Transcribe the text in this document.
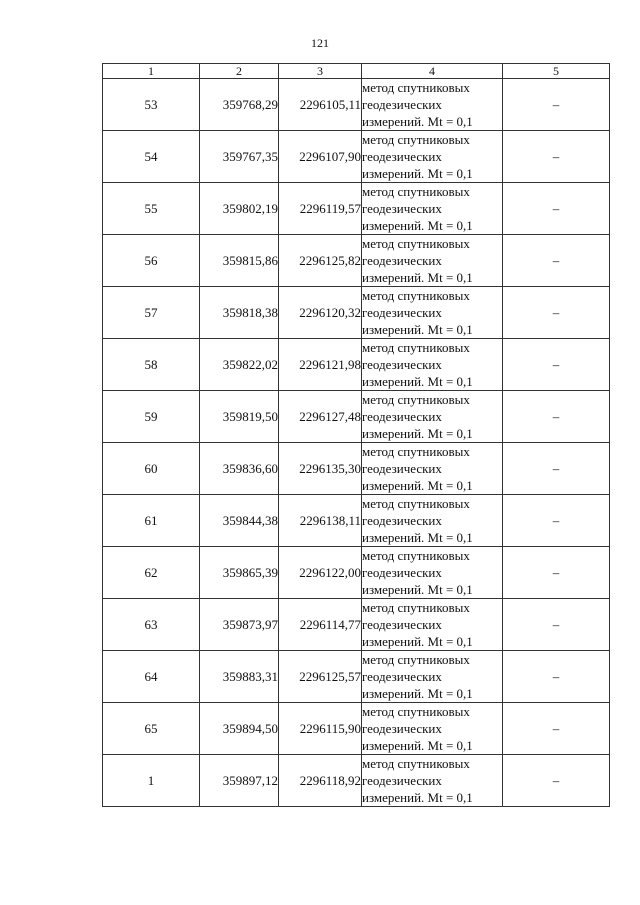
121
1	2	3	4	5
53	359768,29	2296105,11	метод спутниковых
геодезических
измерений. Mt = 0,1	–
54	359767,35	2296107,90	метод спутниковых
геодезических
измерений. Mt = 0,1	–
55	359802,19	2296119,57	метод спутниковых
геодезических
измерений. Mt = 0,1	–
56	359815,86	2296125,82	метод спутниковых
геодезических
измерений. Mt = 0,1	–
57	359818,38	2296120,32	метод спутниковых
геодезических
измерений. Mt = 0,1	–
58	359822,02	2296121,98	метод спутниковых
геодезических
измерений. Mt = 0,1	–
59	359819,50	2296127,48	метод спутниковых
геодезических
измерений. Mt = 0,1	–
60	359836,60	2296135,30	метод спутниковых
геодезических
измерений. Mt = 0,1	–
61	359844,38	2296138,11	метод спутниковых
геодезических
измерений. Mt = 0,1	–
62	359865,39	2296122,00	метод спутниковых
геодезических
измерений. Mt = 0,1	–
63	359873,97	2296114,77	метод спутниковых
геодезических
измерений. Mt = 0,1	–
64	359883,31	2296125,57	метод спутниковых
геодезических
измерений. Mt = 0,1	–
65	359894,50	2296115,90	метод спутниковых
геодезических
измерений. Mt = 0,1	–
1	359897,12	2296118,92	метод спутниковых
геодезических
измерений. Mt = 0,1	–
